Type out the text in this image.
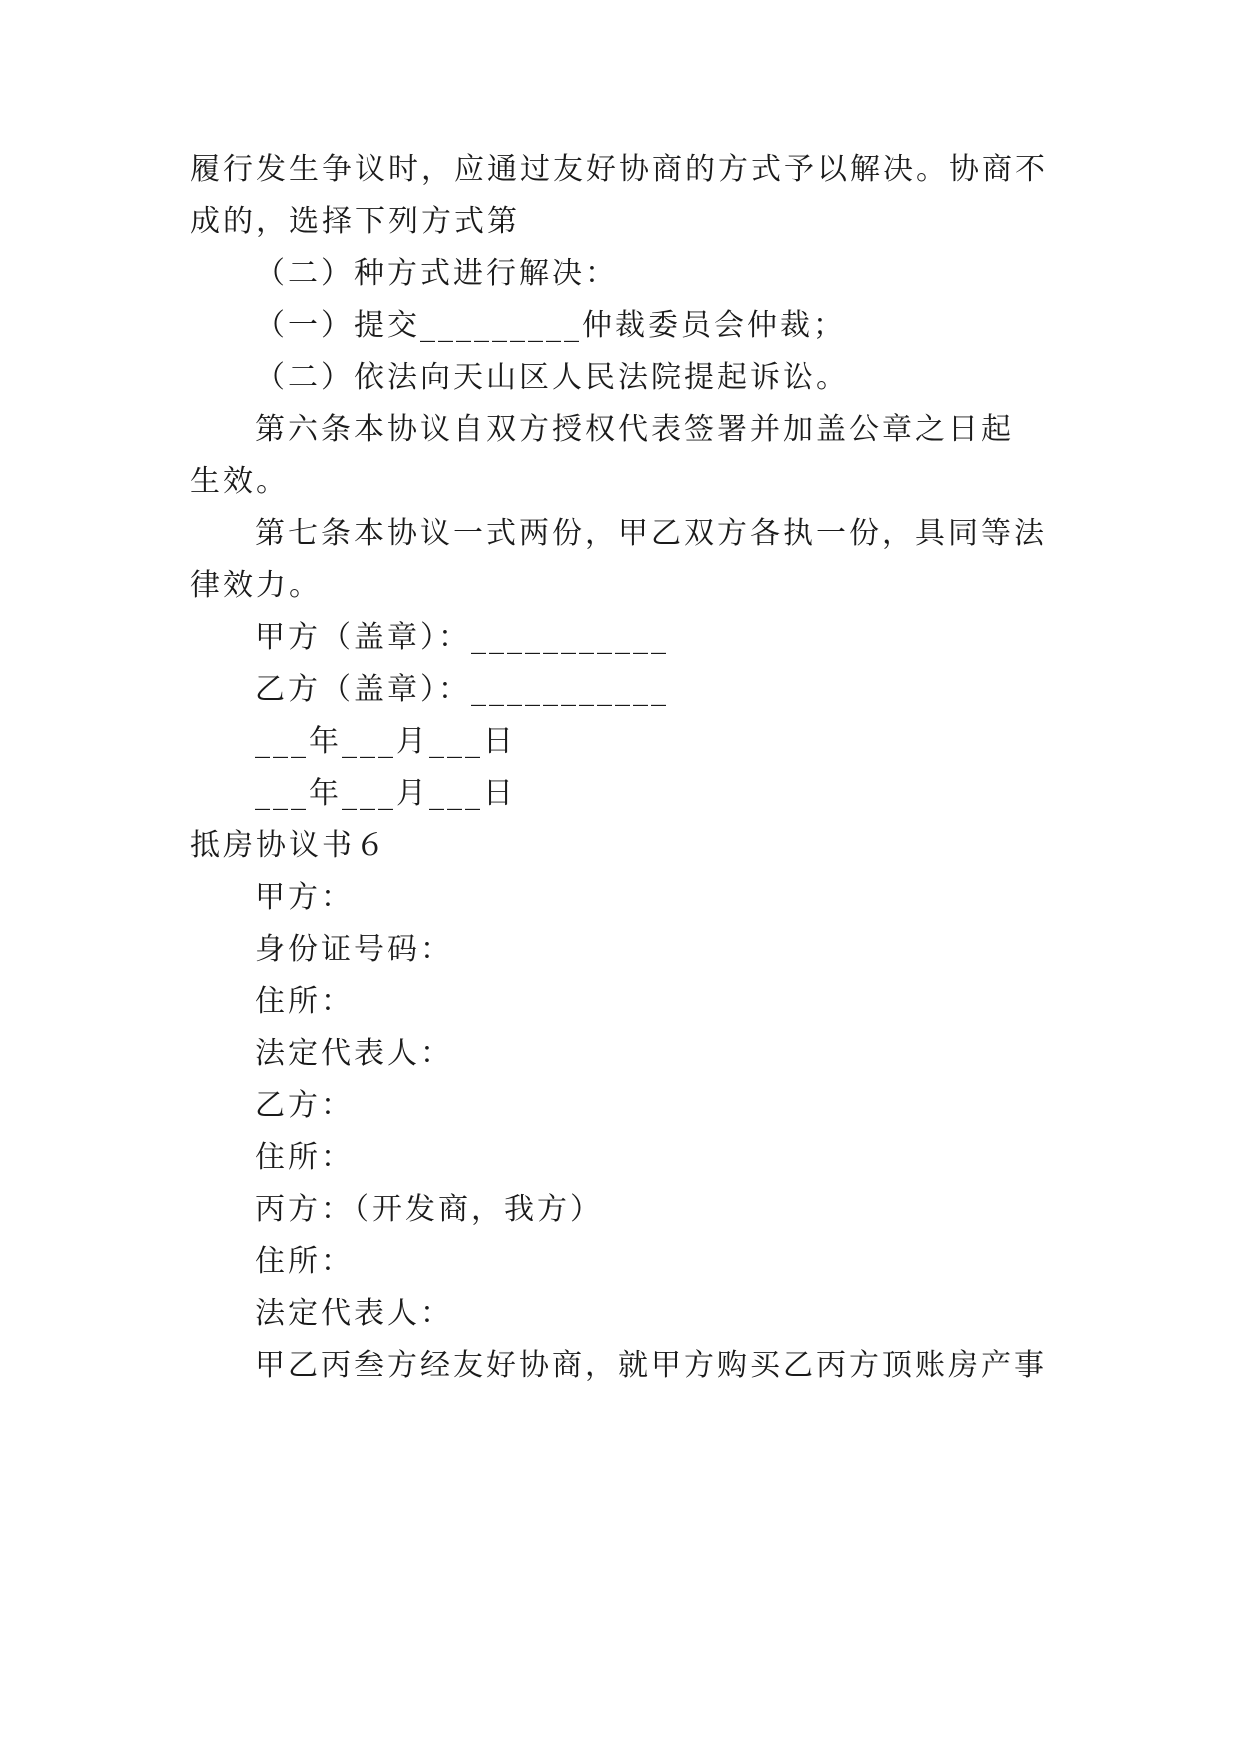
履行发生争议时，应通过友好协商的方式予以解决。协商不
成的，选择下列方式第
（二）种方式进行解决：
（一）提交_________仲裁委员会仲裁；
（二）依法向天山区人民法院提起诉讼。
第六条本协议自双方授权代表签署并加盖公章之日起
生效。
第七条本协议一式两份，甲乙双方各执一份，具同等法
律效力。
甲方（盖章）：___________
乙方（盖章）：___________
___年___月___日
___年___月___日
抵房协议书６
甲方：
身份证号码：
住所：
法定代表人：
乙方：
住所：
丙方：（开发商，我方）
住所：
法定代表人：
甲乙丙叁方经友好协商，就甲方购买乙丙方顶账房产事
